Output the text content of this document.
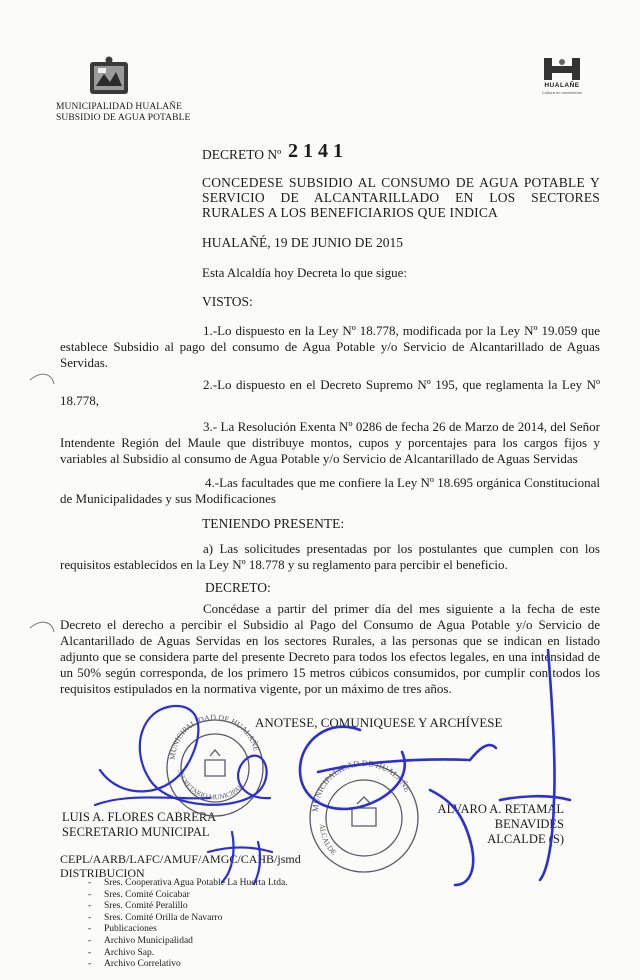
MUNICIPALIDAD HUALAÑE
SUBSIDIO DE AGUA POTABLE
HUALAÑE
Cultura en movimiento
DECRETO Nº 2141
CONCEDESE SUBSIDIO AL CONSUMO DE AGUA POTABLE Y SERVICIO DE ALCANTARILLADO EN LOS SECTORES RURALES A LOS BENEFICIARIOS QUE INDICA
HUALAÑÉ, 19 DE JUNIO DE 2015
Esta Alcaldía hoy Decreta lo que sigue:
VISTOS:
1.-Lo dispuesto en la Ley Nº 18.778, modificada por la Ley Nº 19.059 que establece Subsidio al pago del consumo de Agua Potable y/o Servicio de Alcantarillado de Aguas Servidas.
2.-Lo dispuesto en el Decreto Supremo Nº 195, que reglamenta la Ley Nº 18.778,
3.- La Resolución Exenta Nº 0286 de fecha 26 de Marzo de 2014, del Señor Intendente Región del Maule que distribuye montos, cupos y porcentajes para los cargos fijos y variables al Subsidio al consumo de Agua Potable y/o Servicio de Alcantarillado de Aguas Servidas
4.-Las facultades que me confiere la Ley Nº 18.695 orgánica Constitucional de Municipalidades y sus Modificaciones
TENIENDO PRESENTE:
a) Las solicitudes presentadas por los postulantes que cumplen con los requisitos establecidos en la Ley Nº 18.778 y su reglamento para percibir el beneficio.
DECRETO:
Concédase a partir del primer día del mes siguiente a la fecha de este Decreto el derecho a percibir el Subsidio al Pago del Consumo de Agua Potable y/o Servicio de Alcantarillado de Aguas Servidas en los sectores Rurales, a las personas que se indican en listado adjunto que se considera parte del presente Decreto para todos los efectos legales, en una intensidad de un 50% según corresponda, de los primero 15 metros cúbicos consumidos, por cumplir con todos los requisitos estipulados en la normativa vigente, por un máximo de tres años.
ANOTESE, COMUNIQUESE Y ARCHÍVESE
LUIS A. FLORES CABRERA
SECRETARIO MUNICIPAL
ALVARO A. RETAMAL BENAVIDES
ALCALDE (S)
CEPL/AARB/LAFC/AMUF/AMGC/CAHB/jsmd
DISTRIBUCION
- Sres. Cooperativa Agua Potable La Huerta Ltda.
- Sres. Comité Coicabar
- Sres. Comité Peralillo
- Sres. Comité Orilla de Navarro
- Publicaciones
- Archivo Municipalidad
- Archivo Sap.
- Archivo Correlativo
MUNICIPALIDAD DE HUALAÑE
SECRETARIO MUNICIPAL
MUNICIPALIDAD DE HUALAÑE
ALCALDE
